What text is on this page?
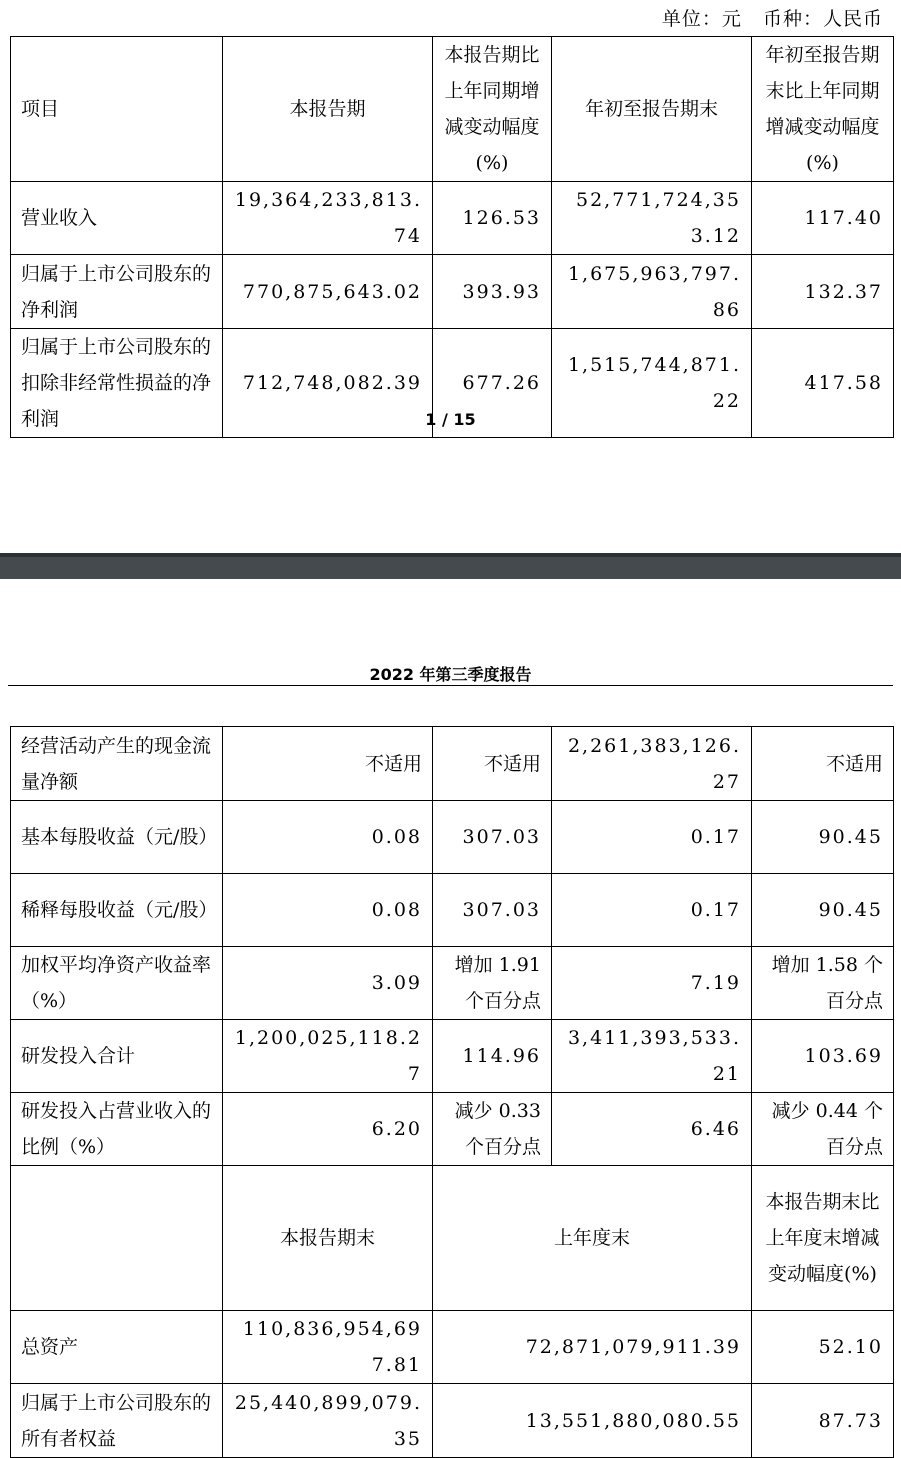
单位：元   币种：人民币
项目	本报告期	本报告期比上年同期增减变动幅度(%)	年初至报告期末	年初至报告期末比上年同期增减变动幅度(%)
营业收入	19,364,233,813.74	126.53	52,771,724,353.12	117.40
归属于上市公司股东的净利润	770,875,643.02	393.93	1,675,963,797.86	132.37
归属于上市公司股东的扣除非经常性损益的净利润	712,748,082.39	677.26	1,515,744,871.22	417.58
1 / 15
2022 年第三季度报告
经营活动产生的现金流量净额	不适用	不适用	2,261,383,126.27	不适用
基本每股收益（元/股）	0.08	307.03	0.17	90.45
稀释每股收益（元/股）	0.08	307.03	0.17	90.45
加权平均净资产收益率（%）	3.09	增加 1.91 个百分点	7.19	增加 1.58 个百分点
研发投入合计	1,200,025,118.27	114.96	3,411,393,533.21	103.69
研发投入占营业收入的比例（%）	6.20	减少 0.33 个百分点	6.46	减少 0.44 个百分点
	本报告期末	上年度末		本报告期末比上年度末增减变动幅度(%)
总资产	110,836,954,697.81	72,871,079,911.39		52.10
归属于上市公司股东的所有者权益	25,440,899,079.35	13,551,880,080.55		87.73
